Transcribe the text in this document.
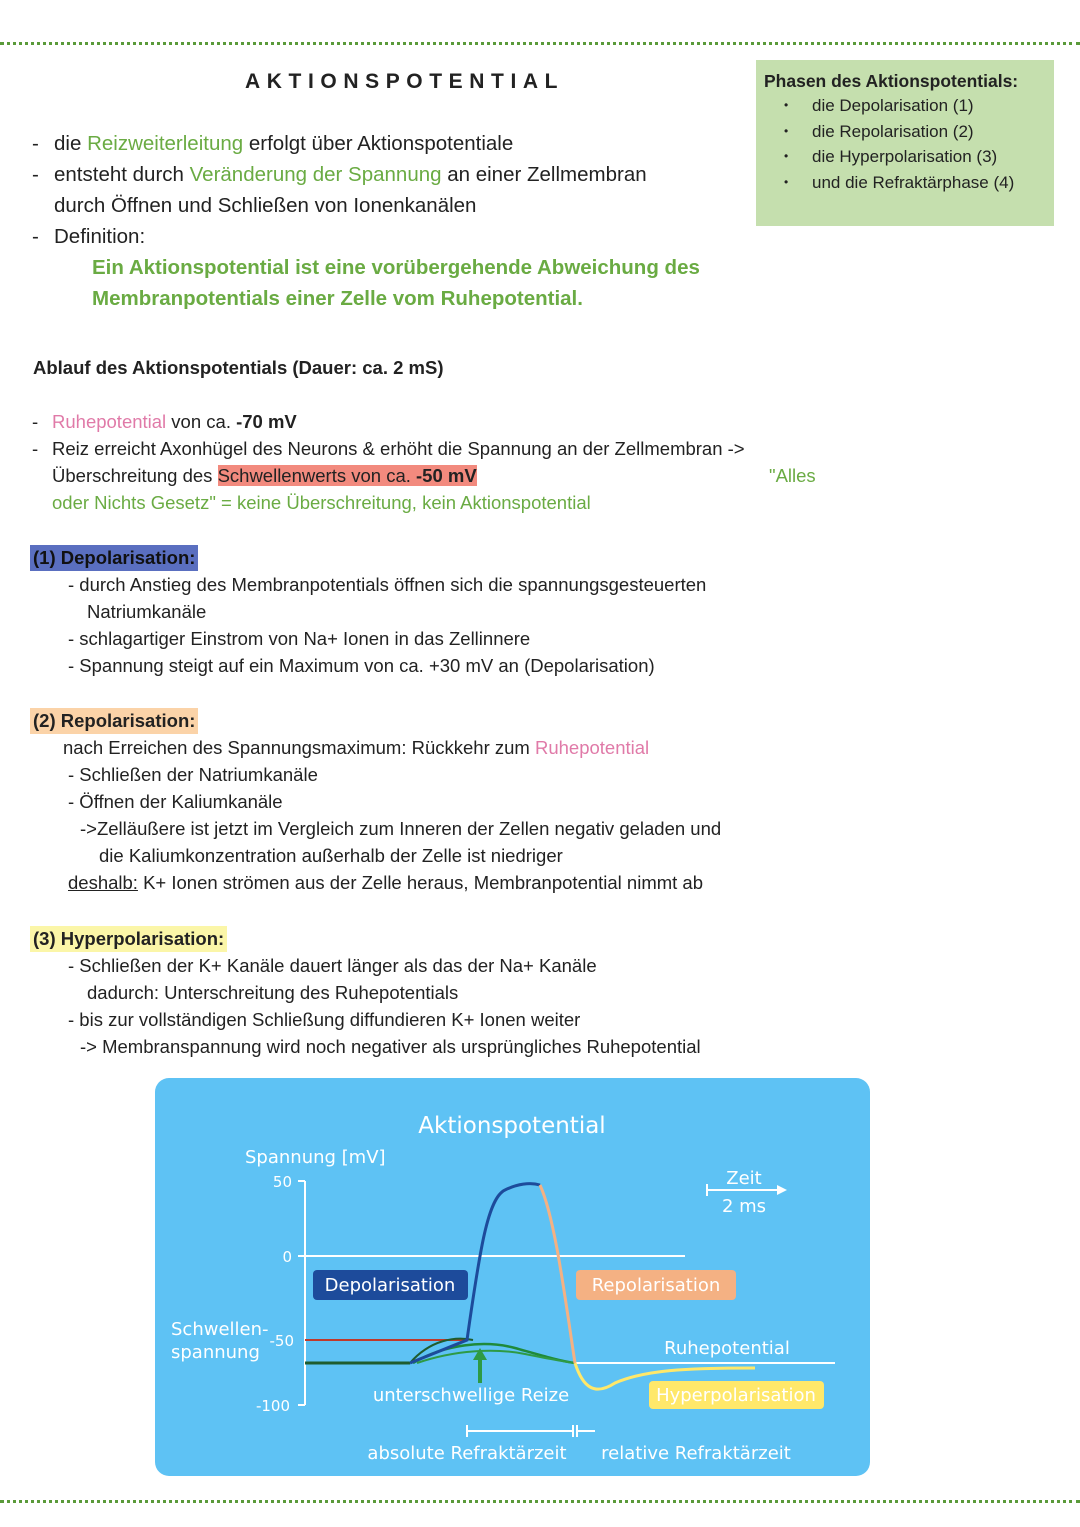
AKTIONSPOTENTIAL	Phasen des Aktionspotentials:
• die Depolarisation (1)
• die Repolarisation (2)
• die Hyperpolarisation (3)
• und die Refraktärphase (4)
- die Reizweiterleitung erfolgt über Aktionspotentiale
- entsteht durch Veränderung der Spannung an einer Zellmembran
durch Öffnen und Schließen von Ionenkanälen
- Definition:
Ein Aktionspotential ist eine vorübergehende Abweichung des
Membranpotentials einer Zelle vom Ruhepotential.
Ablauf des Aktionspotentials (Dauer: ca. 2 mS)
- Ruhepotential von ca. -70 mV
- Reiz erreicht Axonhügel des Neurons & erhöht die Spannung an der Zellmembran ->
Überschreitung des Schwellenwerts von ca. -50 mV	"Alles
oder Nichts Gesetz" = keine Überschreitung, kein Aktionspotential
(1) Depolarisation:
- durch Anstieg des Membranpotentials öffnen sich die spannungsgesteuerten
Natriumkanäle
- schlagartiger Einstrom von Na+ Ionen in das Zellinnere
- Spannung steigt auf ein Maximum von ca. +30 mV an (Depolarisation)
(2) Repolarisation:
nach Erreichen des Spannungsmaximum: Rückkehr zum Ruhepotential
- Schließen der Natriumkanäle
- Öffnen der Kaliumkanäle
->Zelläußere ist jetzt im Vergleich zum Inneren der Zellen negativ geladen und
die Kaliumkonzentration außerhalb der Zelle ist niedriger
deshalb: K+ Ionen strömen aus der Zelle heraus, Membranpotential nimmt ab
(3) Hyperpolarisation:
- Schließen der K+ Kanäle dauert länger als das der Na+ Kanäle
dadurch: Unterschreitung des Ruhepotentials
- bis zur vollständigen Schließung diffundieren K+ Ionen weiter
-> Membranspannung wird noch negativer als ursprüngliches Ruhepotential
Aktionspotential
Spannung [mV]
50
0
-50
-100
Depolarisation	Repolarisation
Ruhepotential
Hyperpolarisation
Schwellen-
spannung
unterschwellige Reize
Zeit
2 ms
absolute Refraktärzeit relative Refraktärzeit
